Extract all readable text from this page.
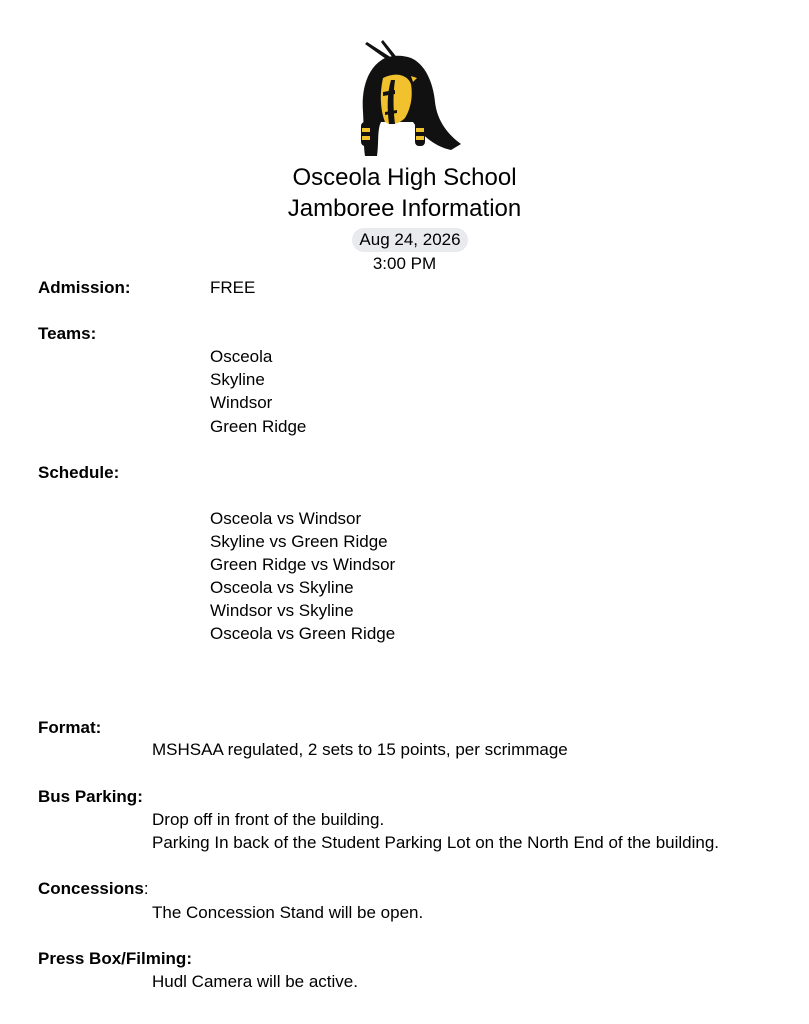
Osceola High School
Jamboree Information
Aug 24, 2026
3:00 PM
Admission:	FREE
Teams:
Osceola
Skyline
Windsor
Green Ridge
Schedule:
Osceola vs Windsor
Skyline vs Green Ridge
Green Ridge vs Windsor
Osceola vs Skyline
Windsor vs Skyline
Osceola vs Green Ridge
Format:
MSHSAA regulated, 2 sets to 15 points, per scrimmage
Bus Parking:
Drop off in front of the building.
Parking In back of the Student Parking Lot on the North End of the building.
Concessions:
The Concession Stand will be open.
Press Box/Filming:
Hudl Camera will be active.
